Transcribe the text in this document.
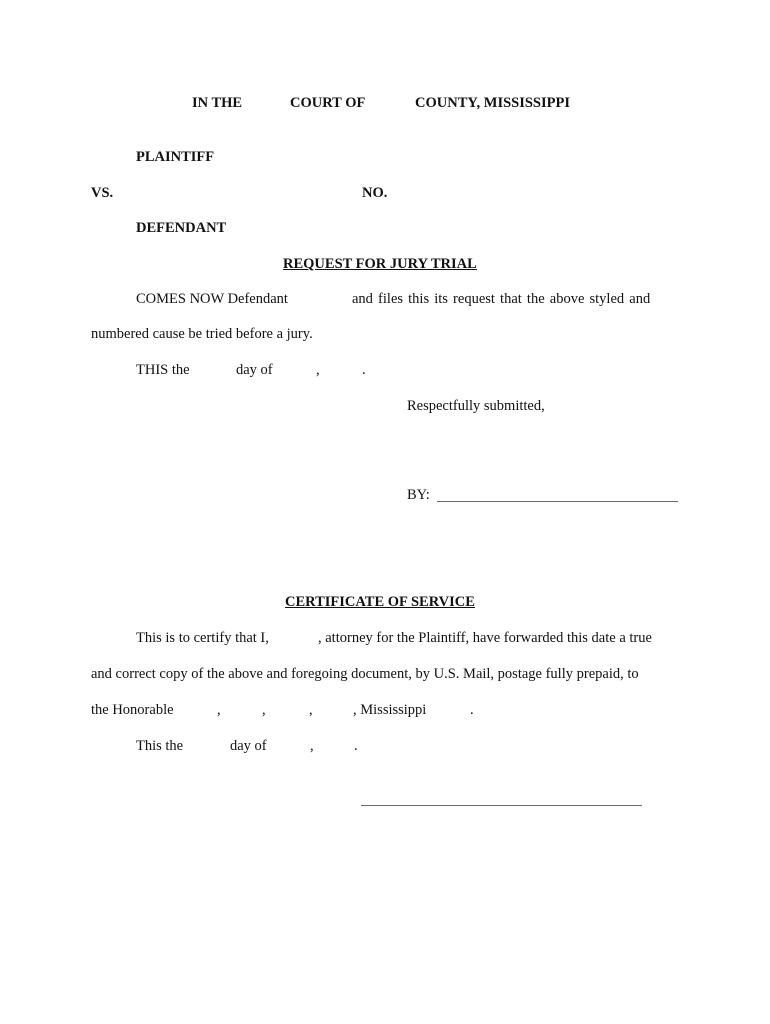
IN THE	COURT OF	COUNTY, MISSISSIPPI
PLAINTIFF
VS.	NO.
DEFENDANT
REQUEST FOR JURY TRIAL
COMES NOW Defendant	and files this its request that the above styled and
numbered cause be tried before a jury.
THIS the	day of	,	.
Respectfully submitted,
BY:
CERTIFICATE OF SERVICE
This is to certify that I,	, attorney for the Plaintiff, have forwarded this date a true
and correct copy of the above and foregoing document, by U.S. Mail, postage fully prepaid, to
the Honorable	,	,	,	, Mississippi	.
This the	day of	,	.
